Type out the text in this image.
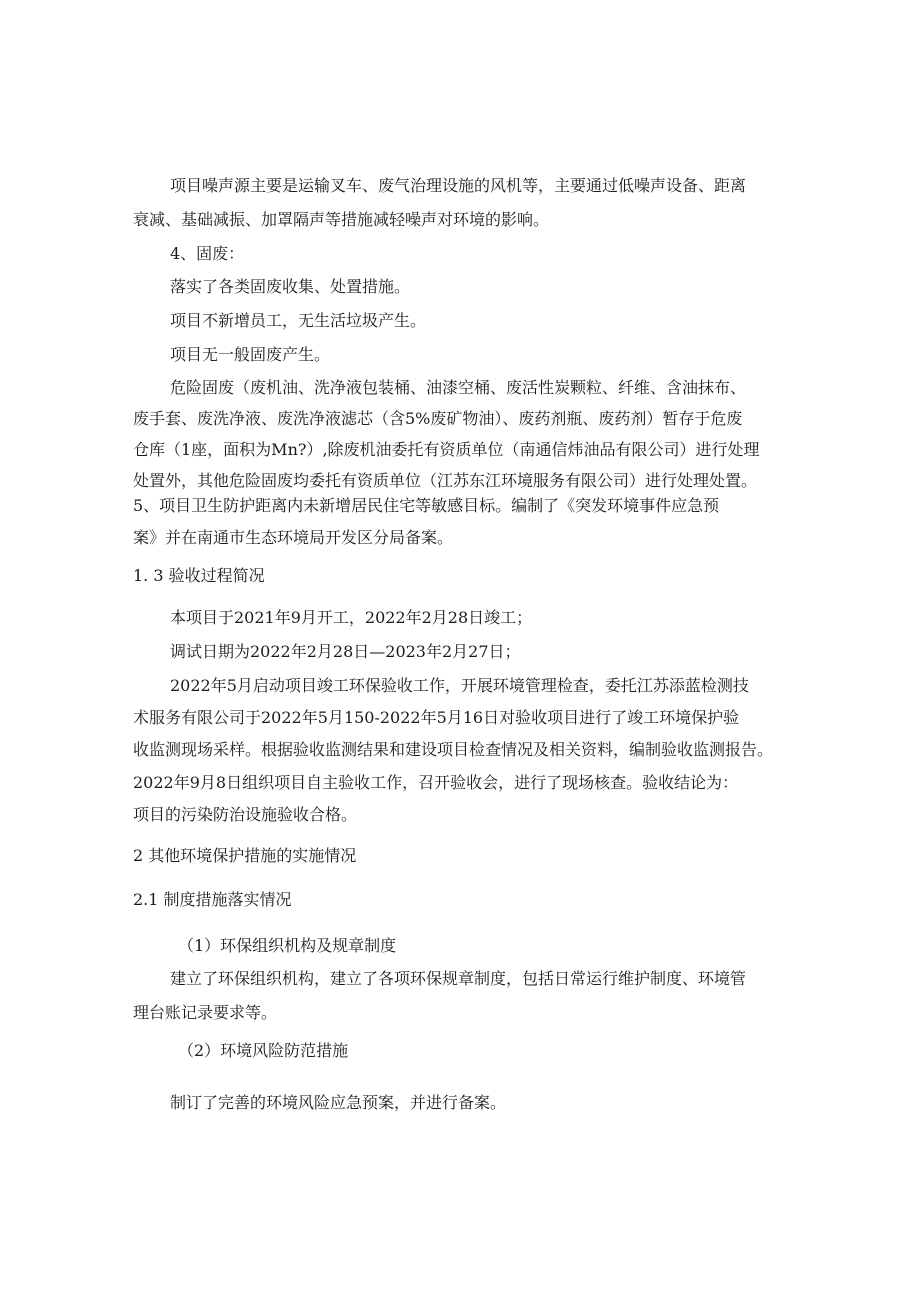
项目噪声源主要是运输叉车、废气治理设施的风机等，主要通过低噪声设备、距离
衰减、基础减振、加罩隔声等措施减轻噪声对环境的影响。
4、固废：
落实了各类固废收集、处置措施。
项目不新增员工，无生活垃圾产生。
项目无一般固废产生。
危险固废（废机油、洗净液包装桶、油漆空桶、废活性炭颗粒、纤维、含油抹布、
废手套、废洗净液、废洗净液滤芯（含5%废矿物油）、废药剂瓶、废药剂）暂存于危废
仓库（1座，面积为Mn?）,除废机油委托有资质单位（南通信炜油品有限公司）进行处理
处置外，其他危险固废均委托有资质单位（江苏东江环境服务有限公司）进行处理处置。
5、项目卫生防护距离内未新增居民住宅等敏感目标。编制了《突发环境事件应急预
案》并在南通市生态环境局开发区分局备案。
1. 3 验收过程简况
本项目于2021年9月开工，2022年2月28日竣工；
调试日期为2022年2月28日—2023年2月27日；
2022年5月启动项目竣工环保验收工作，开展环境管理检查，委托江苏添蓝检测技
术服务有限公司于2022年5月150-2022年5月16日对验收项目进行了竣工环境保护验
收监测现场采样。根据验收监测结果和建设项目检查情况及相关资料，编制验收监测报告。
2022年9月8日组织项目自主验收工作，召开验收会，进行了现场核查。验收结论为：
项目的污染防治设施验收合格。
2 其他环境保护措施的实施情况
2.1 制度措施落实情况
（1）环保组织机构及规章制度
建立了环保组织机构，建立了各项环保规章制度，包括日常运行维护制度、环境管
理台账记录要求等。
（2）环境风险防范措施
制订了完善的环境风险应急预案，并进行备案。
